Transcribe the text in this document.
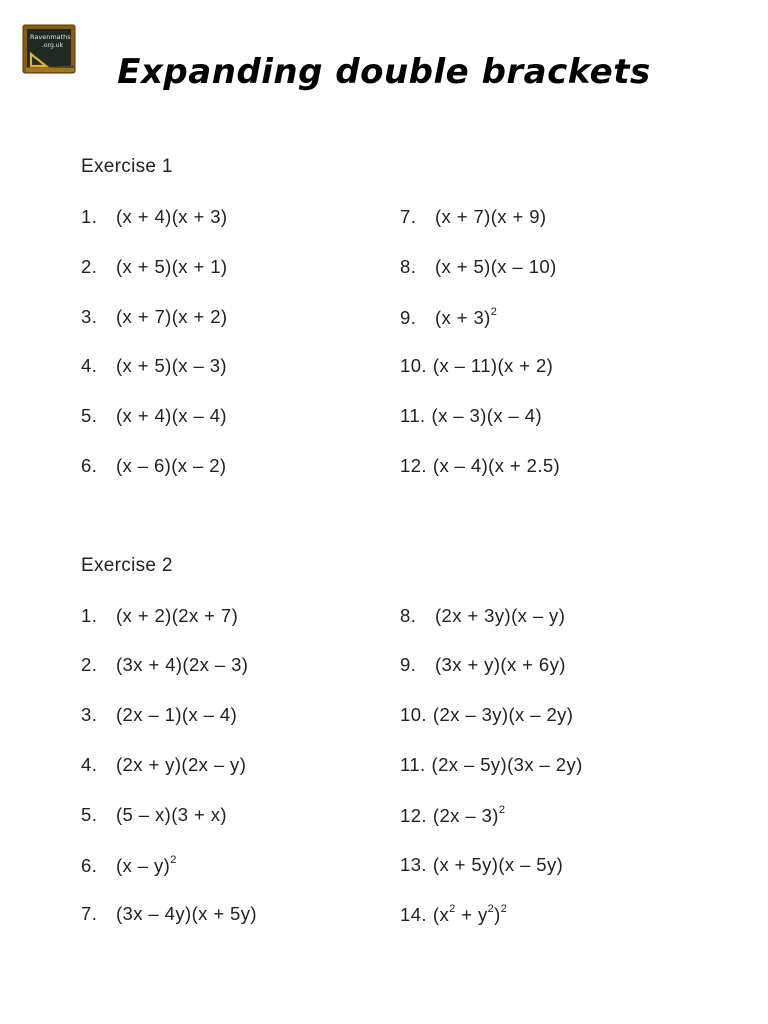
Ravenmaths
.org.uk
Expanding double brackets
Exercise 1
1. (x + 4)(x + 3)
2. (x + 5)(x + 1)
3. (x + 7)(x + 2)
4. (x + 5)(x – 3)
5. (x + 4)(x – 4)
6. (x – 6)(x – 2)
7. (x + 7)(x + 9)
8. (x + 5)(x – 10)
9. $(x + 3)^2$
10. (x – 11)(x + 2)
11. (x – 3)(x – 4)
12. (x – 4)(x + 2.5)
Exercise 2
1. (x + 2)(2x + 7)
2. (3x + 4)(2x – 3)
3. (2x – 1)(x – 4)
4. (2x + y)(2x – y)
5. (5 – x)(3 + x)
6. (x – y)$^2$
7. (3x – 4y)(x + 5y)
8. (2x + 3y)(x – y)
9. (3x + y)(x + 6y)
10. (2x – 3y)(x – 2y)
11. (2x – 5y)(3x – 2y)
12. (2x – 3)$^2$
13. (x + 5y)(x – 5y)
14. $(x^2 + y^2)^2$
